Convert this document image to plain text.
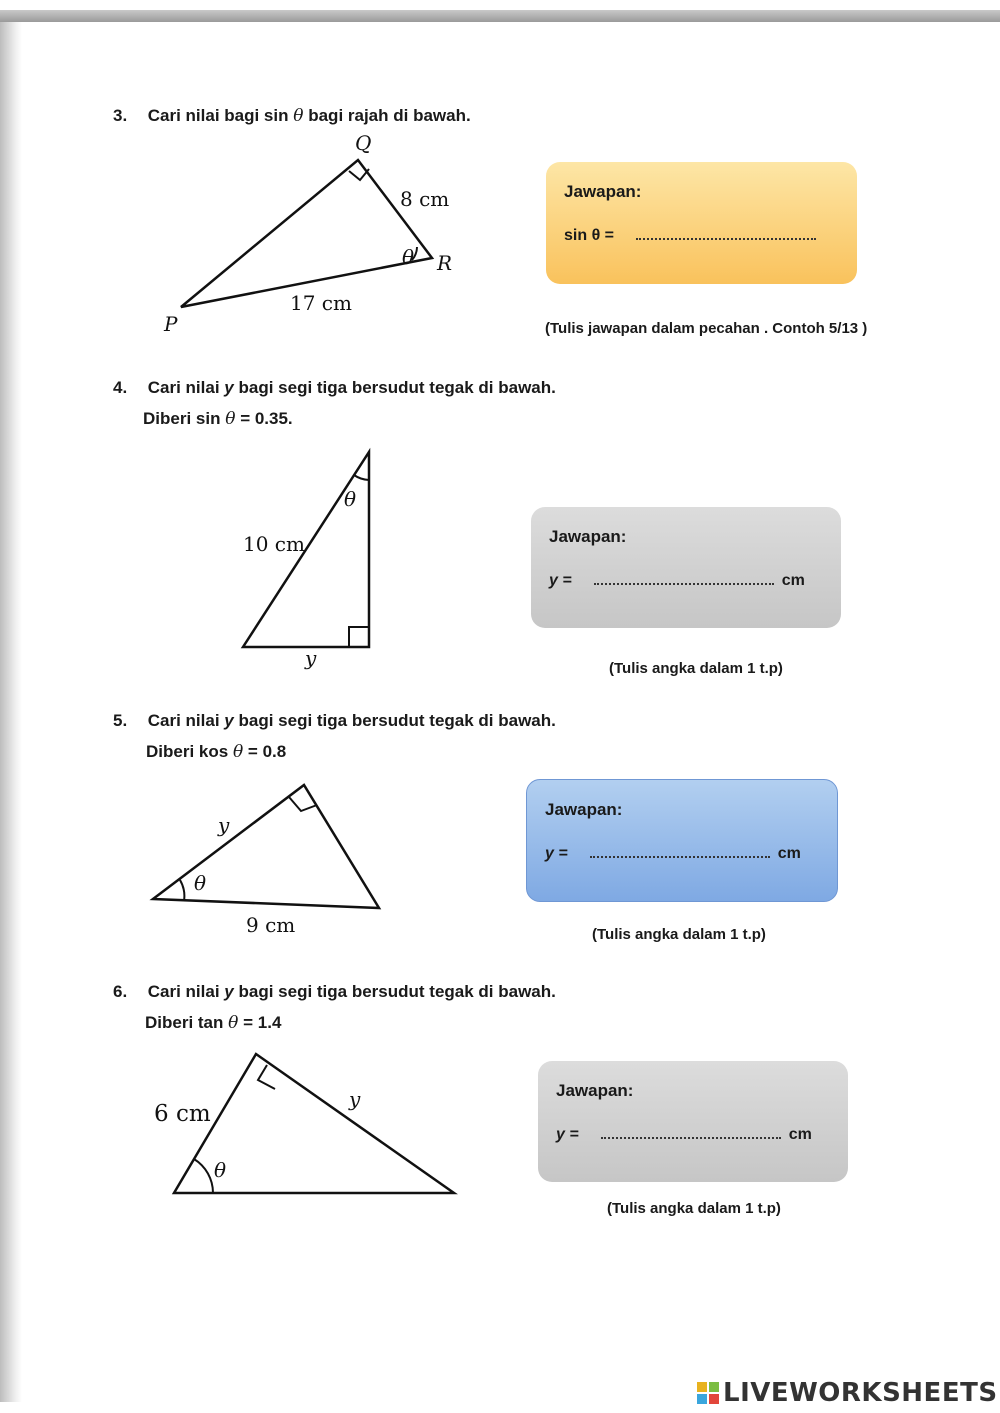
3. Cari nilai bagi sin θ bagi rajah di bawah.
Q
8 cm
θ R
17 cm
P
Jawapan:
sin θ =
(Tulis jawapan dalam pecahan . Contoh 5/13 )
4. Cari nilai y bagi segi tiga bersudut tegak di bawah.
Diberi sin θ = 0.35.
θ
10 cm
y
Jawapan:
y =	cm
(Tulis angka dalam 1 t.p)
5. Cari nilai y bagi segi tiga bersudut tegak di bawah.
Diberi kos θ = 0.8
y
θ
9 cm
Jawapan:
y =	cm
(Tulis angka dalam 1 t.p)
6. Cari nilai y bagi segi tiga bersudut tegak di bawah.
Diberi tan θ = 1.4
6 cm
y
θ
Jawapan:
y =	cm
(Tulis angka dalam 1 t.p)
LIVEWORKSHEETS
